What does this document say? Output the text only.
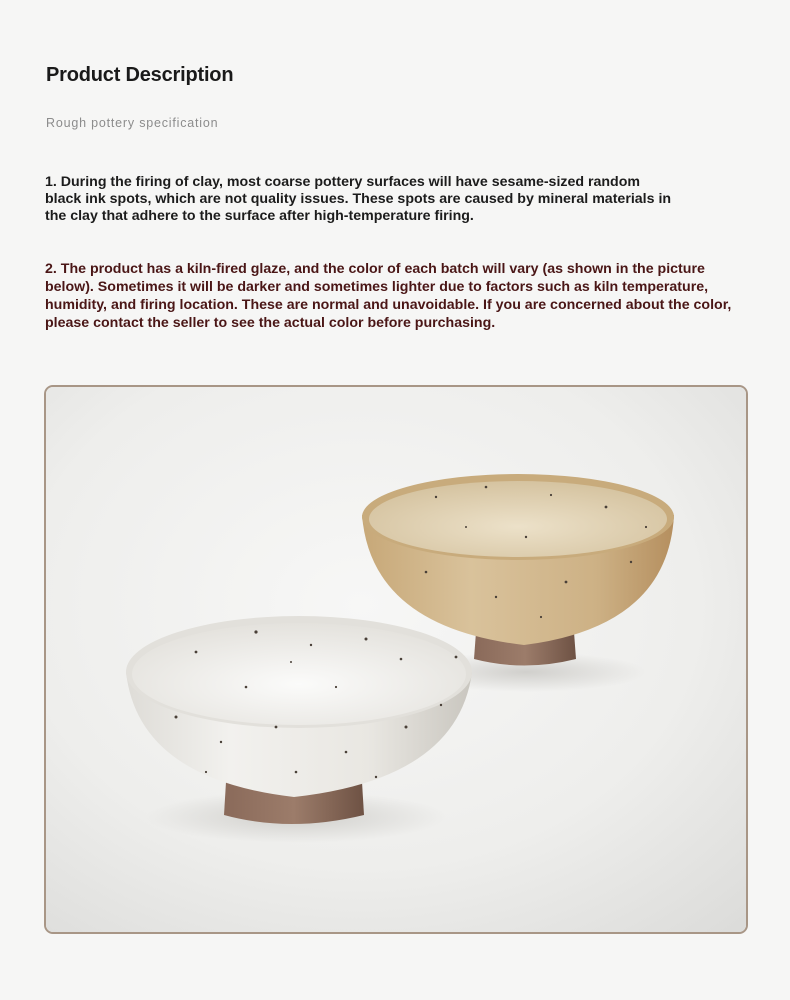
Product Description
Rough pottery specification

1. During the firing of clay, most coarse pottery surfaces will have sesame-sized random black ink spots, which are not quality issues. These spots are caused by mineral materials in the clay that adhere to the surface after high-temperature firing.

2. The product has a kiln-fired glaze, and the color of each batch will vary (as shown in the picture below). Sometimes it will be darker and sometimes lighter due to factors such as kiln temperature, humidity, and firing location. These are normal and unavoidable. If you are concerned about the color, please contact the seller to see the actual color before purchasing.
